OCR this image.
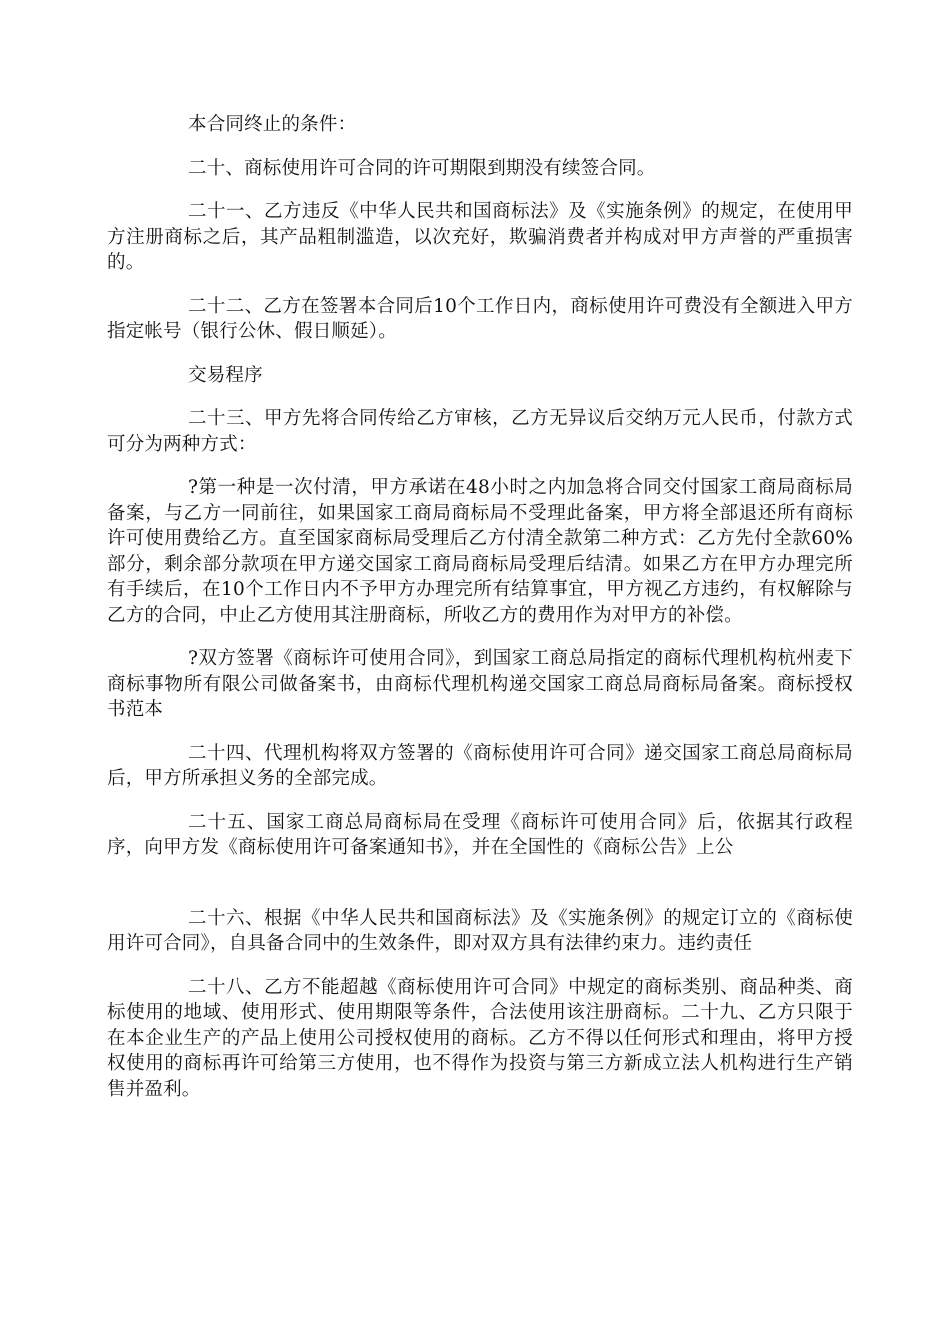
本合同终止的条件：

二十、商标使用许可合同的许可期限到期没有续签合同。

二十一、乙方违反《中华人民共和国商标法》及《实施条例》的规定，在使用甲方注册商标之后，其产品粗制滥造，以次充好，欺骗消费者并构成对甲方声誉的严重损害的。

二十二、乙方在签署本合同后10个工作日内，商标使用许可费没有全额进入甲方指定帐号（银行公休、假日顺延）。

交易程序

二十三、甲方先将合同传给乙方审核，乙方无异议后交纳万元人民币，付款方式可分为两种方式：

?第一种是一次付清，甲方承诺在48小时之内加急将合同交付国家工商局商标局备案，与乙方一同前往，如果国家工商局商标局不受理此备案，甲方将全部退还所有商标许可使用费给乙方。直至国家商标局受理后乙方付清全款第二种方式：乙方先付全款60%部分，剩余部分款项在甲方递交国家工商局商标局受理后结清。如果乙方在甲方办理完所有手续后，在10个工作日内不予甲方办理完所有结算事宜，甲方视乙方违约，有权解除与乙方的合同，中止乙方使用其注册商标，所收乙方的费用作为对甲方的补偿。

?双方签署《商标许可使用合同》，到国家工商总局指定的商标代理机构杭州麦下商标事物所有限公司做备案书，由商标代理机构递交国家工商总局商标局备案。商标授权书范本

二十四、代理机构将双方签署的《商标使用许可合同》递交国家工商总局商标局后，甲方所承担义务的全部完成。

二十五、国家工商总局商标局在受理《商标许可使用合同》后，依据其行政程序，向甲方发《商标使用许可备案通知书》，并在全国性的《商标公告》上公

二十六、根据《中华人民共和国商标法》及《实施条例》的规定订立的《商标使用许可合同》，自具备合同中的生效条件，即对双方具有法律约束力。违约责任

二十八、乙方不能超越《商标使用许可合同》中规定的商标类别、商品种类、商标使用的地域、使用形式、使用期限等条件，合法使用该注册商标。二十九、乙方只限于在本企业生产的产品上使用公司授权使用的商标。乙方不得以任何形式和理由，将甲方授权使用的商标再许可给第三方使用，也不得作为投资与第三方新成立法人机构进行生产销售并盈利。
